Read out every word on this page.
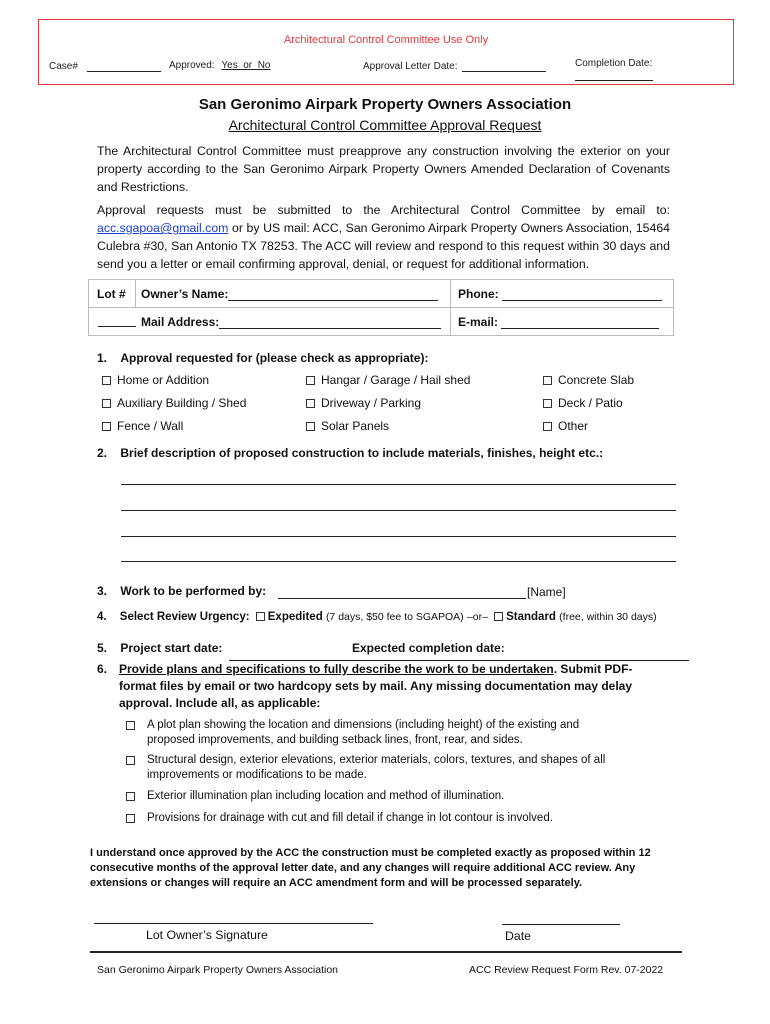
Architectural Control Committee Use Only
Case#	Approved: Yes  or  No	Approval Letter Date:	Completion Date:
San Geronimo Airpark Property Owners Association
Architectural Control Committee Approval Request
The Architectural Control Committee must preapprove any construction involving the exterior on your property according to the San Geronimo Airpark Property Owners Amended Declaration of Covenants and Restrictions.
Approval requests must be submitted to the Architectural Control Committee by email to: acc.sgapoa@gmail.com or by US mail: ACC, San Geronimo Airpark Property Owners Association, 15464 Culebra #30, San Antonio TX 78253. The ACC will review and respond to this request within 30 days and send you a letter or email confirming approval, denial, or request for additional information.
Lot # Owner’s Name:	Phone:
Mail Address:	E-mail:
1. Approval requested for (please check as appropriate):
Home or Addition
Auxiliary Building / Shed
Fence / Wall
Hangar / Garage / Hail shed
Driveway / Parking
Solar Panels
Concrete Slab
Deck / Patio
Other
2. Brief description of proposed construction to include materials, finishes, height etc.:
3. Work to be performed by:	[Name]
4. Select Review Urgency: Expedited (7 days, $50 fee to SGAPOA) –or– Standard (free, within 30 days)
5. Project start date:	Expected completion date:
6. Provide plans and specifications to fully describe the work to be undertaken. Submit PDF-format files by email or two hardcopy sets by mail. Any missing documentation may delay approval. Include all, as applicable:
A plot plan showing the location and dimensions (including height) of the existing and proposed improvements, and building setback lines, front, rear, and sides.
Structural design, exterior elevations, exterior materials, colors, textures, and shapes of all improvements or modifications to be made.
Exterior illumination plan including location and method of illumination.
Provisions for drainage with cut and fill detail if change in lot contour is involved.
I understand once approved by the ACC the construction must be completed exactly as proposed within 12 consecutive months of the approval letter date, and any changes will require additional ACC review. Any extensions or changes will require an ACC amendment form and will be processed separately.
Lot Owner’s Signature	Date
San Geronimo Airpark Property Owners Association	ACC Review Request Form Rev. 07-2022
